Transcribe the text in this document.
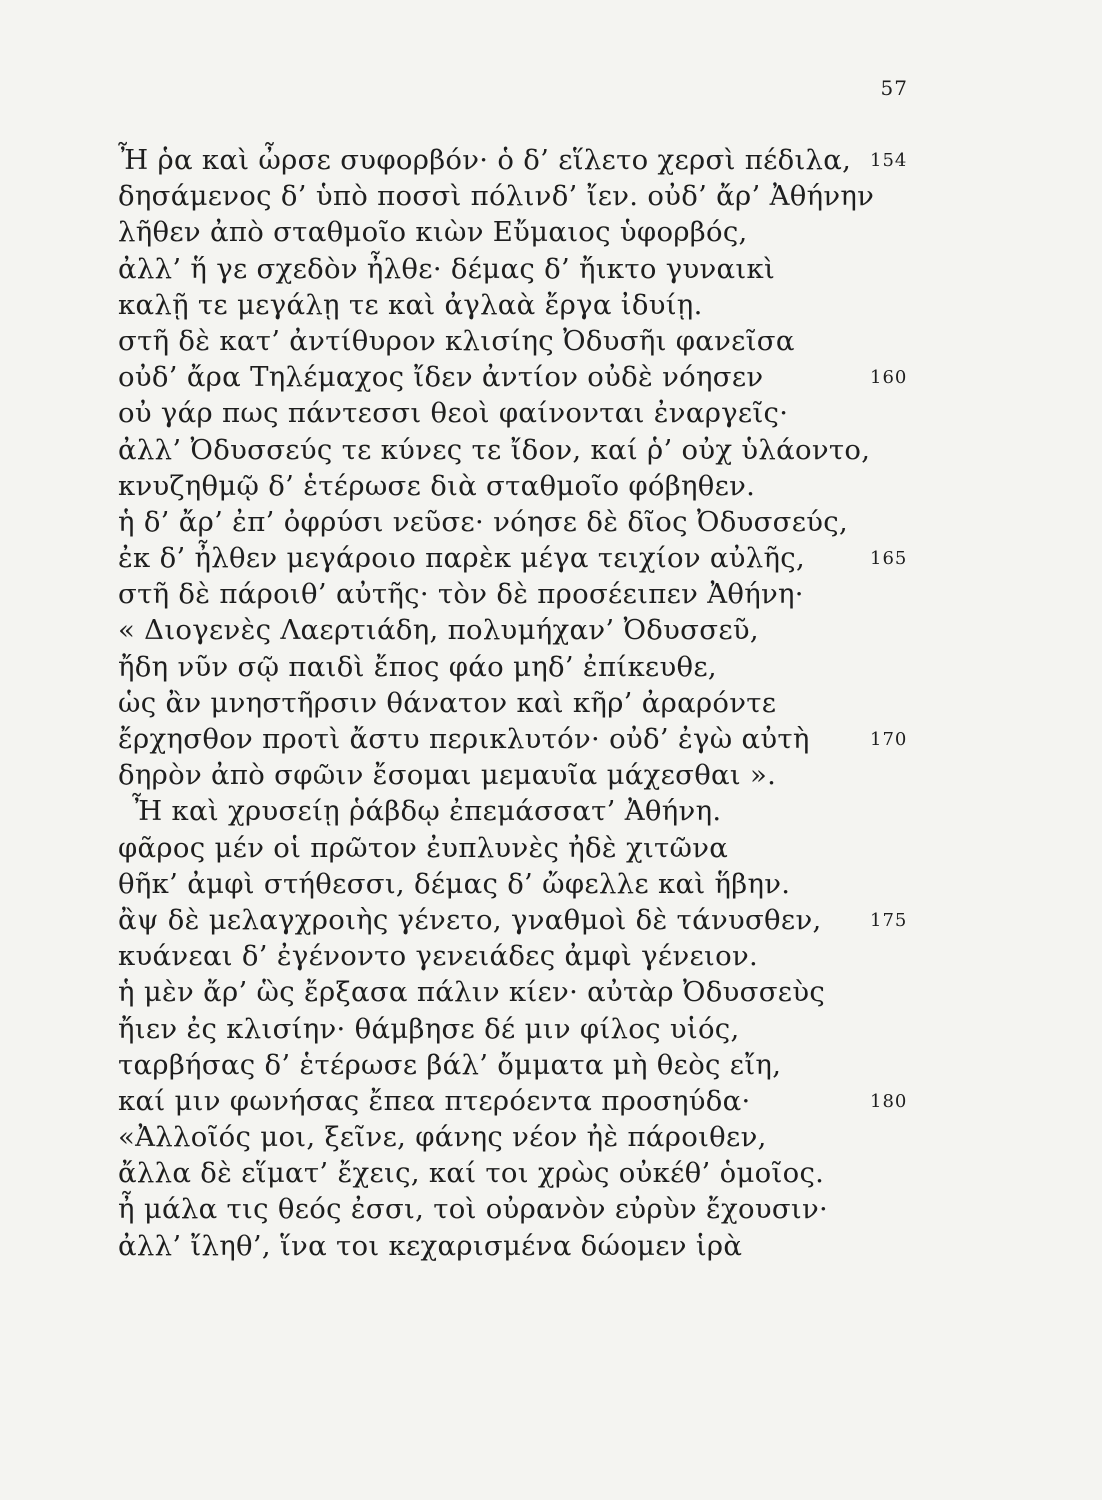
57
Ἦ ῥα καὶ ὦρσε συφορβόν· ὁ δ’ εἵλετο χερσὶ πέδιλα, 154
δησάμενος δ’ ὑπὸ ποσσὶ πόλινδ’ ἴεν. οὐδ’ ἄρ’ Ἀθήνην
λῆθεν ἀπὸ σταθμοῖο κιὼν Εὔμαιος ὑφορβός,
ἀλλ’ ἥ γε σχεδὸν ἦλθε· δέμας δ’ ἤικτο γυναικὶ
καλῇ τε μεγάλῃ τε καὶ ἀγλαὰ ἔργα ἰδυίῃ.
στῆ δὲ κατ’ ἀντίθυρον κλισίης Ὀδυσῆι φανεῖσα
οὐδ’ ἄρα Τηλέμαχος ἴδεν ἀντίον οὐδὲ νόησεν	160
οὐ γάρ πως πάντεσσι θεοὶ φαίνονται ἐναργεῖς·
ἀλλ’ Ὀδυσσεύς τε κύνες τε ἴδον, καί ῥ’ οὐχ ὑλάοντο,
κνυζηθμῷ δ’ ἑτέρωσε διὰ σταθμοῖο φόβηθεν.
ἡ δ’ ἄρ’ ἐπ’ ὀφρύσι νεῦσε· νόησε δὲ δῖος Ὀδυσσεύς,
ἐκ δ’ ἦλθεν μεγάροιο παρὲκ μέγα τειχίον αὐλῆς,	165
στῆ δὲ πάροιθ’ αὐτῆς· τὸν δὲ προσέειπεν Ἀθήνη·
« Διογενὲς Λαερτιάδη, πολυμήχαν’ Ὀδυσσεῦ,
ἤδη νῦν σῷ παιδὶ ἔπος φάο μηδ’ ἐπίκευθε,
ὡς ἂν μνηστῆρσιν θάνατον καὶ κῆρ’ ἀραρόντε
ἔρχησθον προτὶ ἄστυ περικλυτόν· οὐδ’ ἐγὼ αὐτὴ	170
δηρὸν ἀπὸ σφῶιν ἔσομαι μεμαυῖα μάχεσθαι ».
Ἦ καὶ χρυσείῃ ῥάβδῳ ἐπεμάσσατ’ Ἀθήνη.
φᾶρος μέν οἱ πρῶτον ἐυπλυνὲς ἠδὲ χιτῶνα
θῆκ’ ἀμφὶ στήθεσσι, δέμας δ’ ὤφελλε καὶ ἥβην.
ἂψ δὲ μελαγχροιὴς γένετο, γναθμοὶ δὲ τάνυσθεν,	175
κυάνεαι δ’ ἐγένοντο γενειάδες ἀμφὶ γένειον.
ἡ μὲν ἄρ’ ὣς ἔρξασα πάλιν κίεν· αὐτὰρ Ὀδυσσεὺς
ἤιεν ἐς κλισίην· θάμβησε δέ μιν φίλος υἱός,
ταρβήσας δ’ ἑτέρωσε βάλ’ ὄμματα μὴ θεὸς εἴη,
καί μιν φωνήσας ἔπεα πτερόεντα προσηύδα·	180
«Ἀλλοῖός μοι, ξεῖνε, φάνης νέον ἠὲ πάροιθεν,
ἄλλα δὲ εἵματ’ ἔχεις, καί τοι χρὼς οὐκέθ’ ὁμοῖος.
ἦ μάλα τις θεός ἐσσι, τοὶ οὐρανὸν εὐρὺν ἔχουσιν·
ἀλλ’ ἴληθ’, ἵνα τοι κεχαρισμένα δώομεν ἱρὰ
